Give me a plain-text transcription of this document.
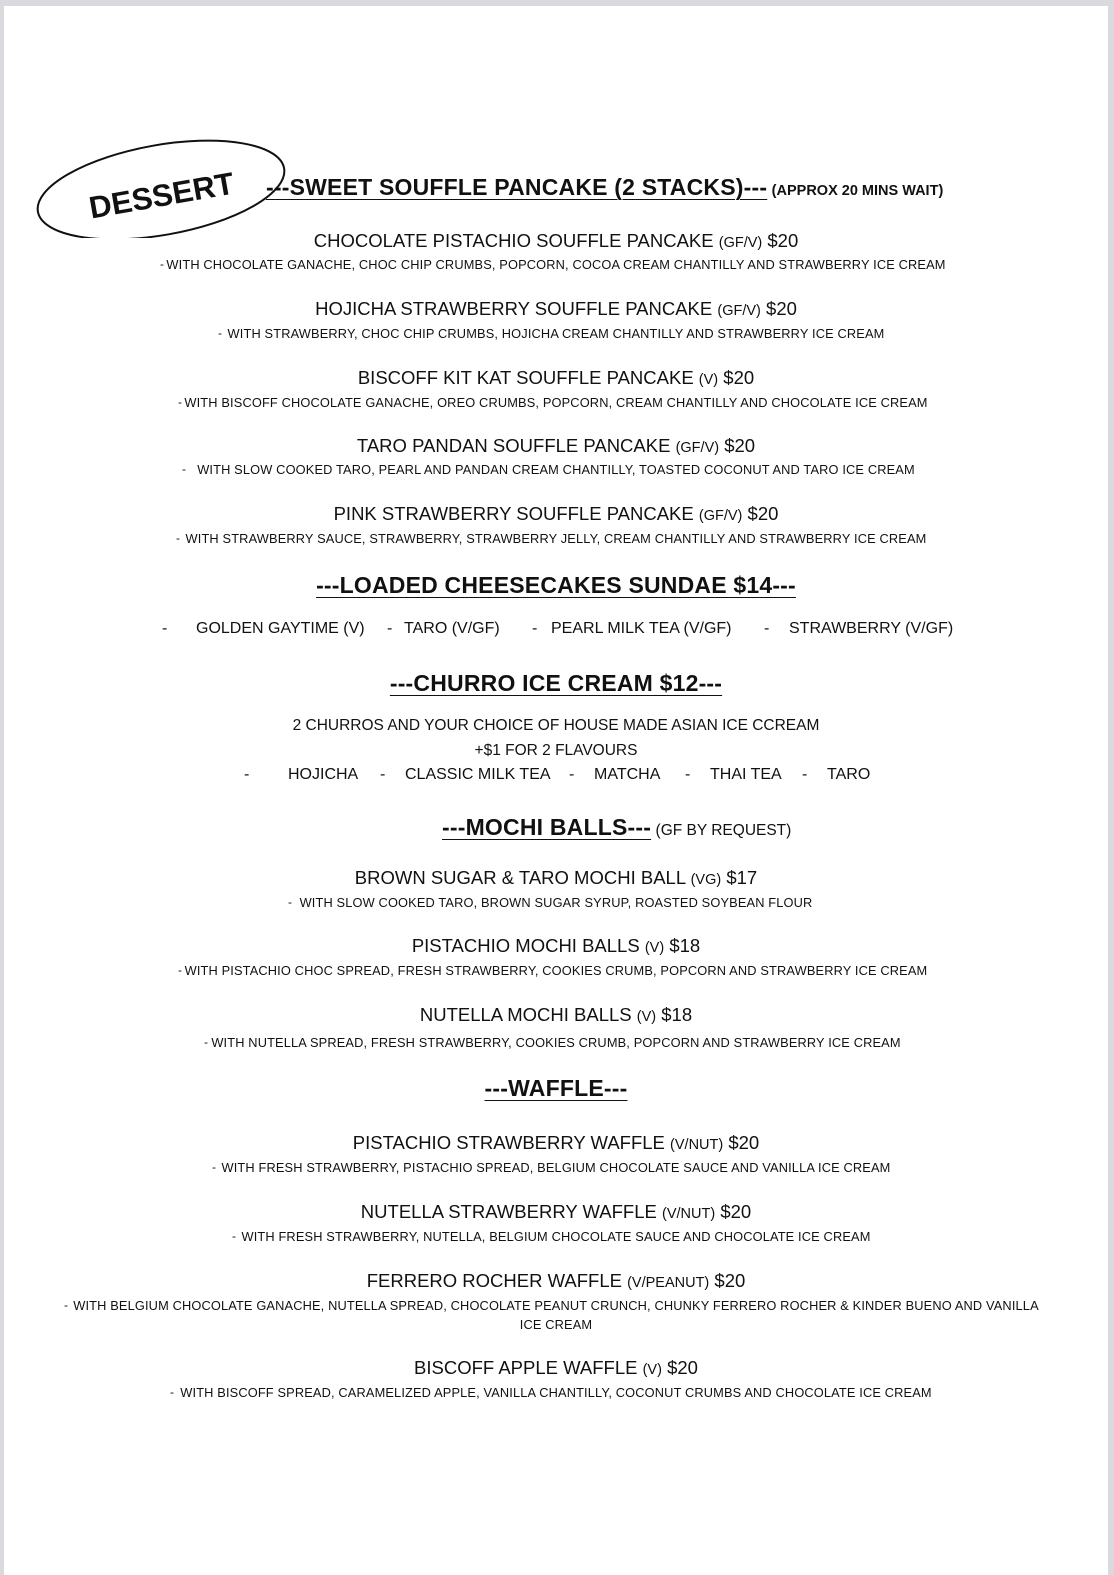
DESSERT ---SWEET SOUFFLE PANCAKE (2 STACKS)--- (APPROX 20 MINS WAIT)
CHOCOLATE PISTACHIO SOUFFLE PANCAKE (GF/V) $20
- WITH CHOCOLATE GANACHE, CHOC CHIP CRUMBS, POPCORN, COCOA CREAM CHANTILLY AND STRAWBERRY ICE CREAM
HOJICHA STRAWBERRY SOUFFLE PANCAKE (GF/V) $20
- WITH STRAWBERRY, CHOC CHIP CRUMBS, HOJICHA CREAM CHANTILLY AND STRAWBERRY ICE CREAM
BISCOFF KIT KAT SOUFFLE PANCAKE (V) $20
- WITH BISCOFF CHOCOLATE GANACHE, OREO CRUMBS, POPCORN, CREAM CHANTILLY AND CHOCOLATE ICE CREAM
TARO PANDAN SOUFFLE PANCAKE (GF/V) $20
- WITH SLOW COOKED TARO, PEARL AND PANDAN CREAM CHANTILLY, TOASTED COCONUT AND TARO ICE CREAM
PINK STRAWBERRY SOUFFLE PANCAKE (GF/V) $20
- WITH STRAWBERRY SAUCE, STRAWBERRY, STRAWBERRY JELLY, CREAM CHANTILLY AND STRAWBERRY ICE CREAM
---LOADED CHEESECAKES SUNDAE $14---
- GOLDEN GAYTIME (V) - TARO (V/GF) - PEARL MILK TEA (V/GF) - STRAWBERRY (V/GF)
---CHURRO ICE CREAM $12---
2 CHURROS AND YOUR CHOICE OF HOUSE MADE ASIAN ICE CCREAM
+$1 FOR 2 FLAVOURS
- HOJICHA - CLASSIC MILK TEA - MATCHA - THAI TEA - TARO
---MOCHI BALLS--- (GF BY REQUEST)
BROWN SUGAR & TARO MOCHI BALL (VG) $17
- WITH SLOW COOKED TARO, BROWN SUGAR SYRUP, ROASTED SOYBEAN FLOUR
PISTACHIO MOCHI BALLS (V) $18
- WITH PISTACHIO CHOC SPREAD, FRESH STRAWBERRY, COOKIES CRUMB, POPCORN AND STRAWBERRY ICE CREAM
NUTELLA MOCHI BALLS (V) $18
- WITH NUTELLA SPREAD, FRESH STRAWBERRY, COOKIES CRUMB, POPCORN AND STRAWBERRY ICE CREAM
---WAFFLE---
PISTACHIO STRAWBERRY WAFFLE (V/NUT) $20
- WITH FRESH STRAWBERRY, PISTACHIO SPREAD, BELGIUM CHOCOLATE SAUCE AND VANILLA ICE CREAM
NUTELLA STRAWBERRY WAFFLE (V/NUT) $20
- WITH FRESH STRAWBERRY, NUTELLA, BELGIUM CHOCOLATE SAUCE AND CHOCOLATE ICE CREAM
FERRERO ROCHER WAFFLE (V/PEANUT) $20
- WITH BELGIUM CHOCOLATE GANACHE, NUTELLA SPREAD, CHOCOLATE PEANUT CRUNCH, CHUNKY FERRERO ROCHER & KINDER BUENO AND VANILLA
ICE CREAM
BISCOFF APPLE WAFFLE (V) $20
- WITH BISCOFF SPREAD, CARAMELIZED APPLE, VANILLA CHANTILLY, COCONUT CRUMBS AND CHOCOLATE ICE CREAM
